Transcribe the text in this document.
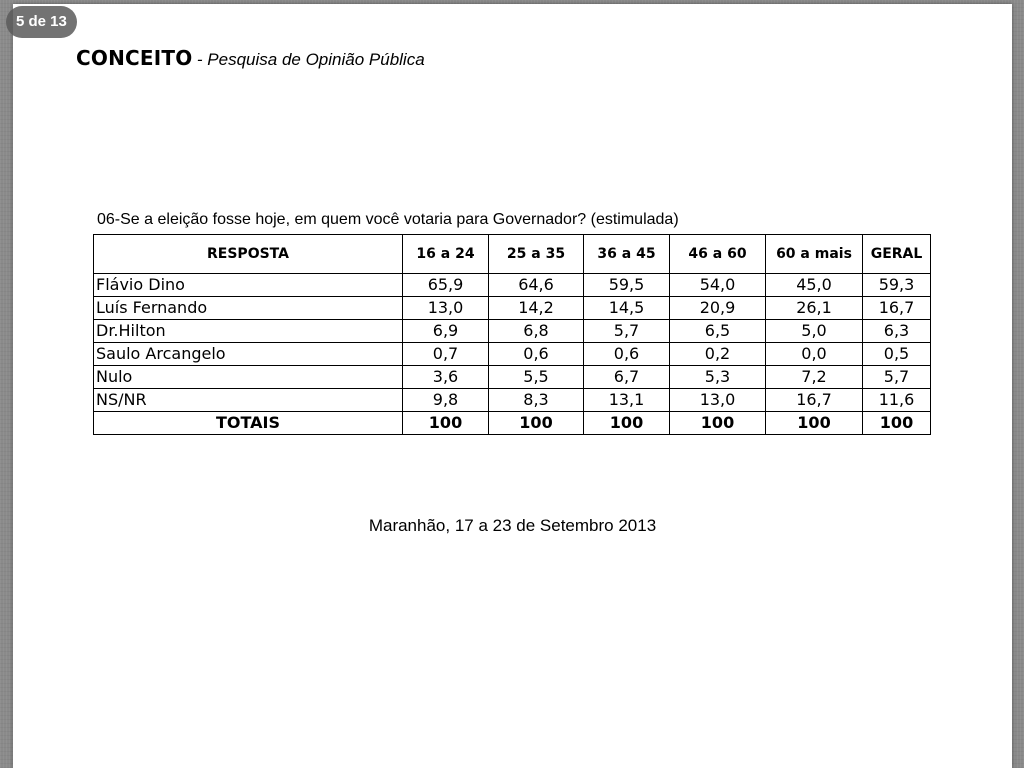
5 de 13
CONCEITO - Pesquisa de Opinião Pública
06-Se a eleição fosse hoje, em quem você votaria para Governador? (estimulada)
RESPOSTA	16 a 24	25 a 35	36 a 45	46 a 60	60 a mais	GERAL
Flávio Dino	65,9	64,6	59,5	54,0	45,0	59,3
Luís Fernando	13,0	14,2	14,5	20,9	26,1	16,7
Dr.Hilton	6,9	6,8	5,7	6,5	5,0	6,3
Saulo Arcangelo	0,7	0,6	0,6	0,2	0,0	0,5
Nulo	3,6	5,5	6,7	5,3	7,2	5,7
NS/NR	9,8	8,3	13,1	13,0	16,7	11,6
TOTAIS	100	100	100	100	100	100
Maranhão, 17 a 23 de Setembro 2013
